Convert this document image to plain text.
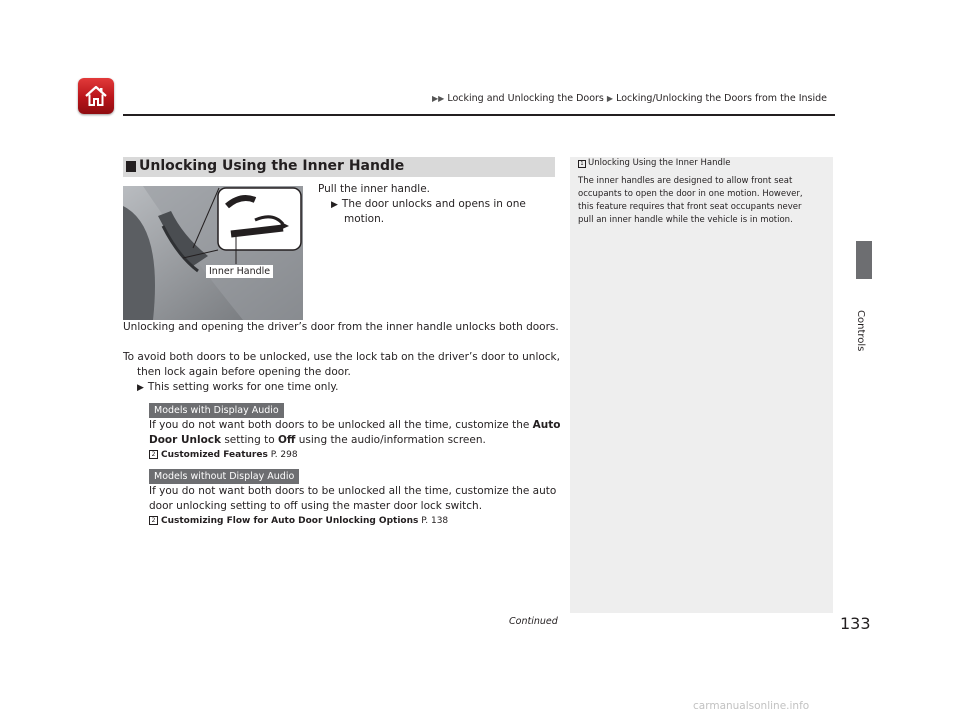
▶▶ Locking and Unlocking the Doors ▶ Locking/Unlocking the Doors from the Inside
Unlocking Using the Inner Handle
Inner Handle
Pull the inner handle.
▶ The door unlocks and opens in one
motion.
Unlocking and opening the driver’s door from the inner handle unlocks both doors.
To avoid both doors to be unlocked, use the lock tab on the driver’s door to unlock,
then lock again before opening the door.
▶ This setting works for one time only.
Models with Display Audio
If you do not want both doors to be unlocked all the time, customize the Auto
Door Unlock setting to Off using the audio/information screen.
2 Customized Features P. 298
Models without Display Audio
If you do not want both doors to be unlocked all the time, customize the auto
door unlocking setting to off using the master door lock switch.
2 Customizing Flow for Auto Door Unlocking Options P. 138
1 Unlocking Using the Inner Handle
The inner handles are designed to allow front seat
occupants to open the door in one motion. However,
this feature requires that front seat occupants never
pull an inner handle while the vehicle is in motion.
Controls
Continued	133
carmanualsonline.info
